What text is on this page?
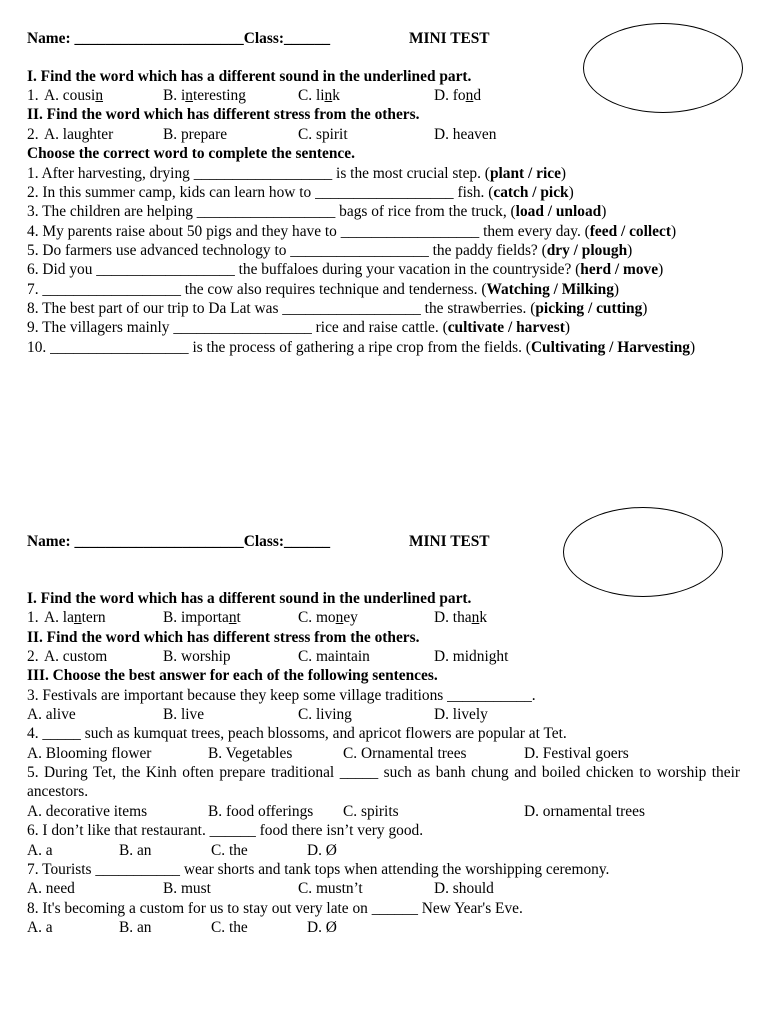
Name: ______________________Class:______	MINI TEST
I. Find the word which has a different sound in the underlined part.
1. A. cousin	B. interesting	C. link	D. fond
II. Find the word which has different stress from the others.
2. A. laughter	B. prepare	C. spirit	D. heaven
Choose the correct word to complete the sentence.
1. After harvesting, drying __________________ is the most crucial step. (plant / rice)
2. In this summer camp, kids can learn how to __________________ fish. (catch / pick)
3. The children are helping __________________ bags of rice from the truck, (load / unload)
4. My parents raise about 50 pigs and they have to __________________ them every day. (feed / collect)
5. Do farmers use advanced technology to __________________ the paddy fields? (dry / plough)
6. Did you __________________ the buffaloes during your vacation in the countryside? (herd / move)
7. __________________ the cow also requires technique and tenderness. (Watching / Milking)
8. The best part of our trip to Da Lat was __________________ the strawberries. (picking / cutting)
9. The villagers mainly __________________ rice and raise cattle. (cultivate / harvest)
10. __________________ is the process of gathering a ripe crop from the fields. (Cultivating / Harvesting)
Name: ______________________Class:______	MINI TEST
I. Find the word which has a different sound in the underlined part.
1. A. lantern	B. important	C. money	D. thank
II. Find the word which has different stress from the others.
2. A. custom	B. worship	C. maintain	D. midnight
III. Choose the best answer for each of the following sentences.
3. Festivals are important because they keep some village traditions ___________.
A. alive	B. live	C. living	D. lively
4. _____ such as kumquat trees, peach blossoms, and apricot flowers are popular at Tet.
A. Blooming flower	B. Vegetables	C. Ornamental trees	D. Festival goers
5. During Tet, the Kinh often prepare traditional _____ such as banh chung and boiled chicken to worship their ancestors.
A. decorative items	B. food offerings C. spirits	D. ornamental trees
6. I don’t like that restaurant. ______ food there isn’t very good.
A. a	B. an	C. the	D. Ø
7. Tourists ___________ wear shorts and tank tops when attending the worshipping ceremony.
A. need	B. must	C. mustn’t	D. should
8. It's becoming a custom for us to stay out very late on ______ New Year's Eve.
A. a	B. an	C. the	D. Ø
